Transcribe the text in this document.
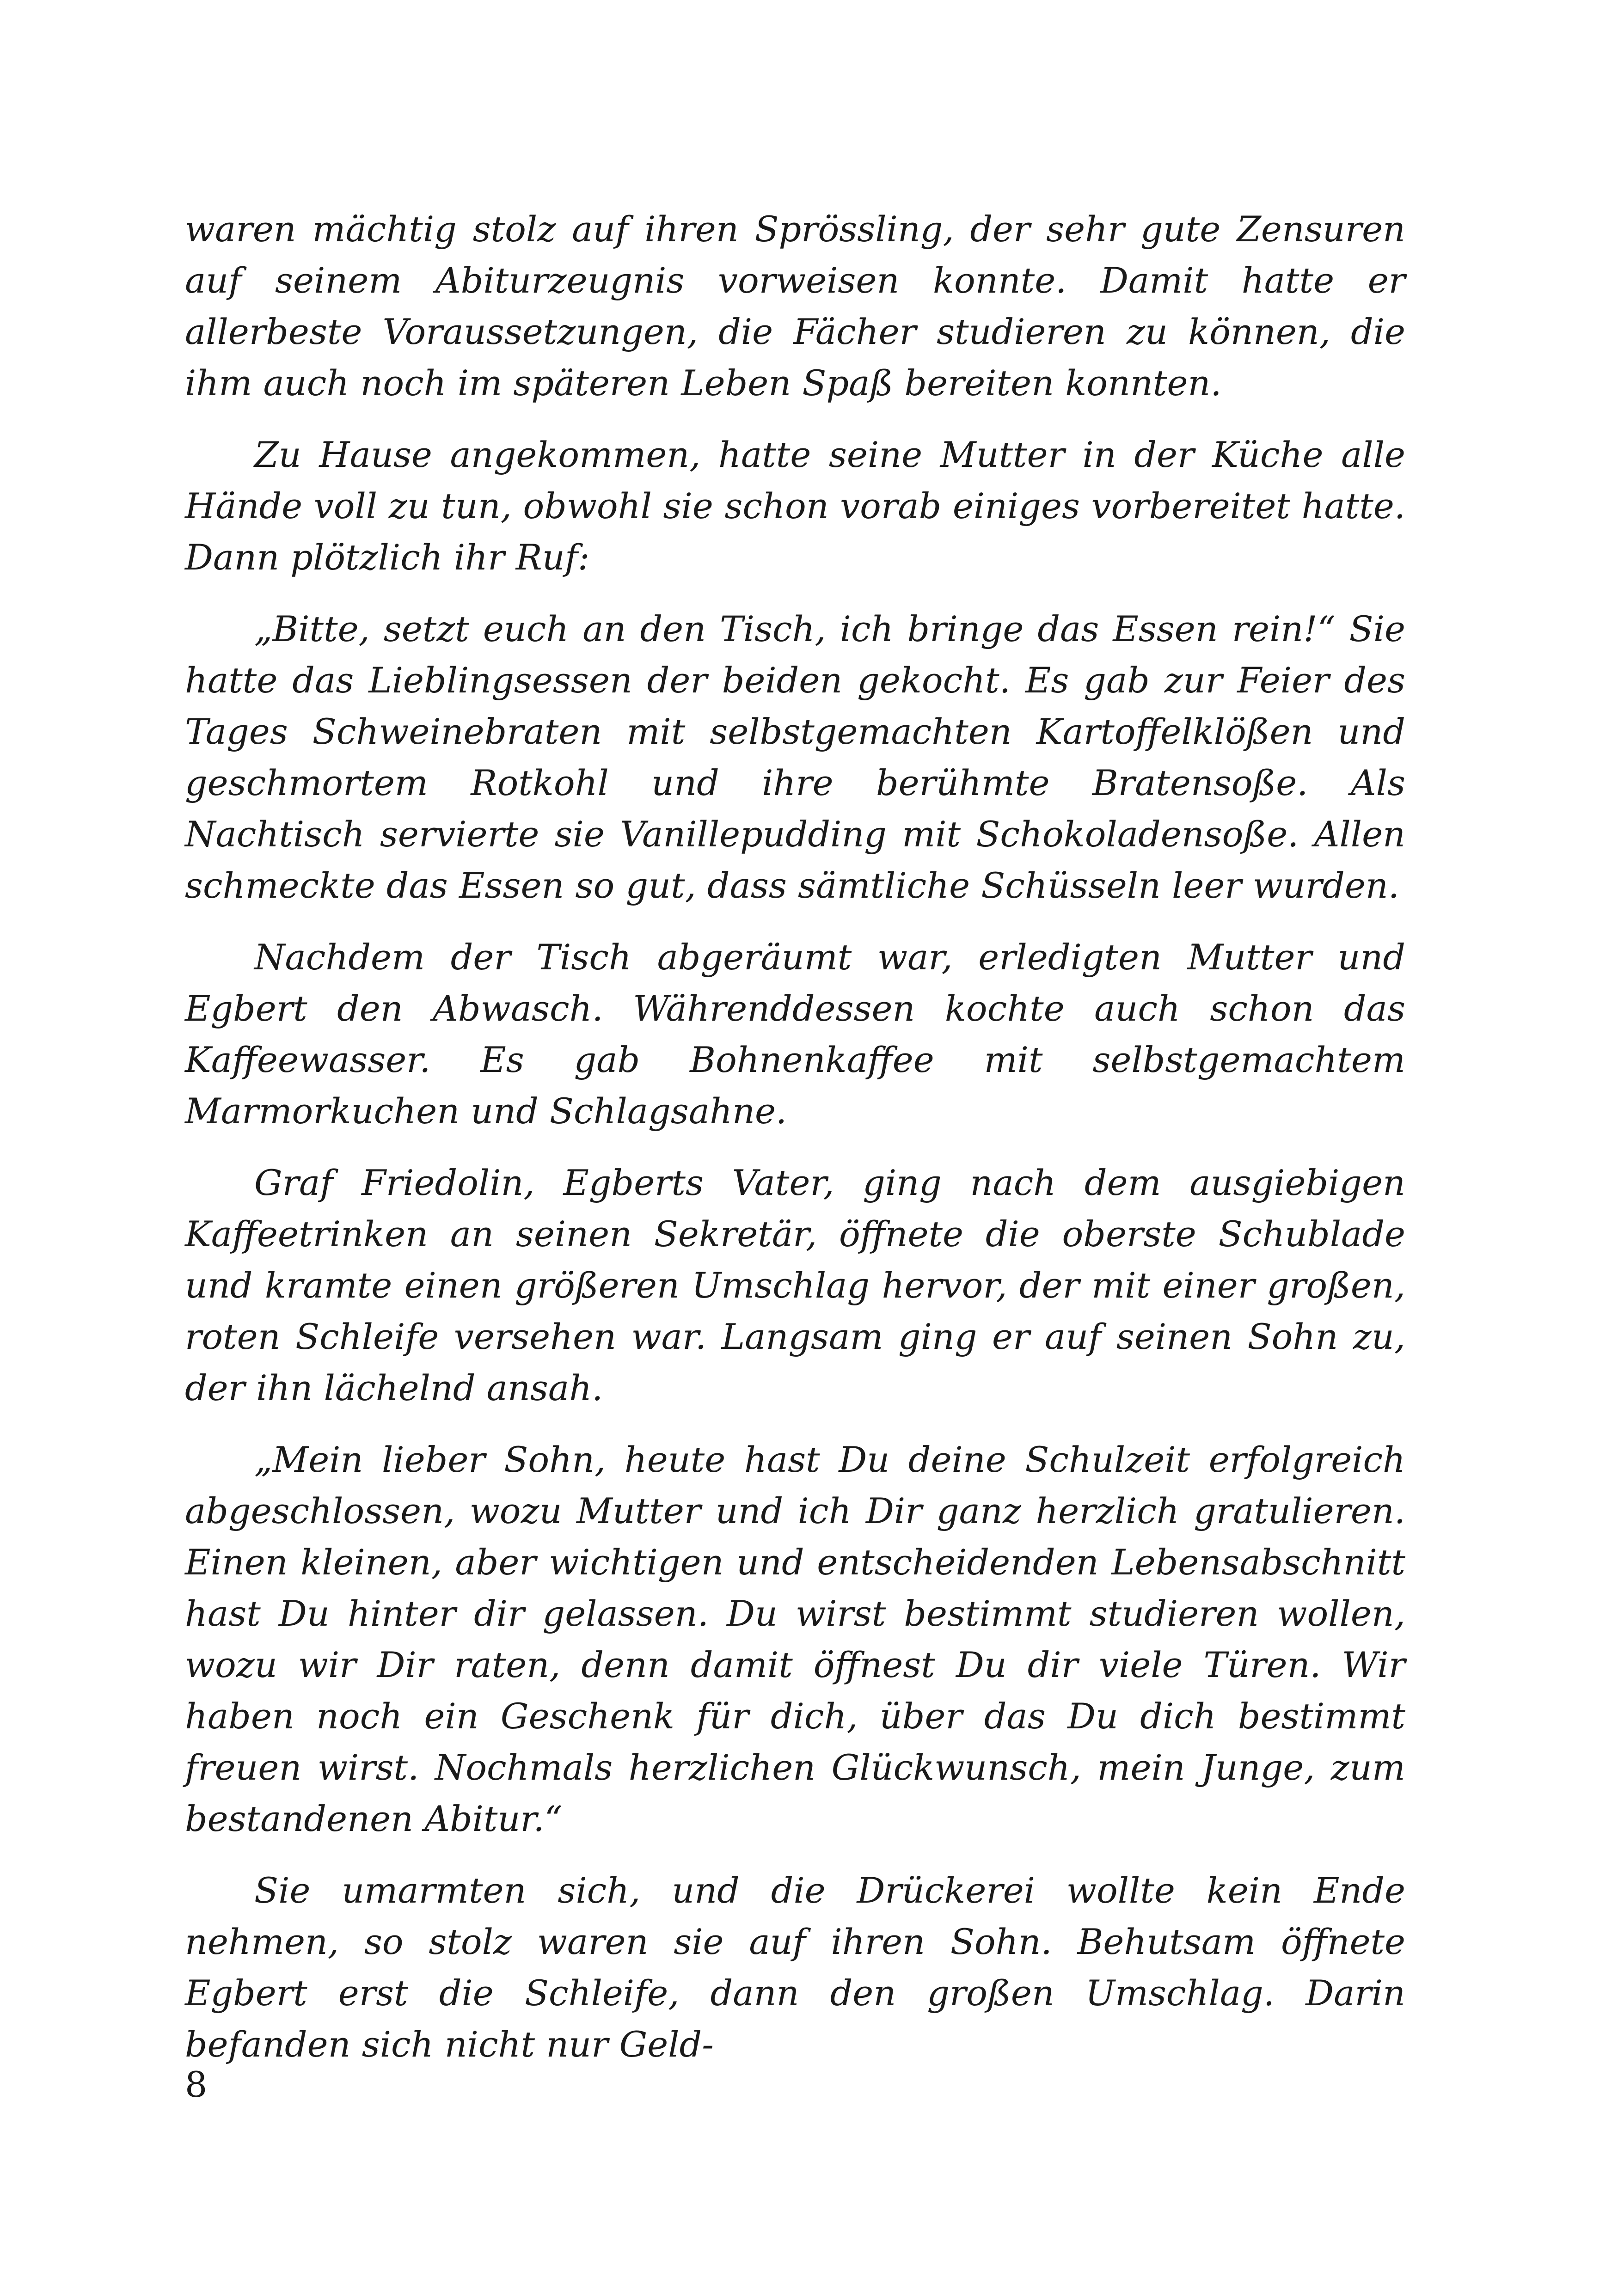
waren mächtig stolz auf ihren Sprössling, der sehr gute Zensuren auf seinem Abiturzeugnis vorweisen konnte. Damit hatte er allerbeste Voraussetzungen, die Fächer studieren zu können, die ihm auch noch im späteren Leben Spaß bereiten konnten.

Zu Hause angekommen, hatte seine Mutter in der Küche alle Hände voll zu tun, obwohl sie schon vorab einiges vorbereitet hatte. Dann plötzlich ihr Ruf:

„Bitte, setzt euch an den Tisch, ich bringe das Essen rein!“ Sie hatte das Lieblingsessen der beiden gekocht. Es gab zur Feier des Tages Schweinebraten mit selbstgemachten Kartoffelklößen und geschmortem Rotkohl und ihre berühmte Bratensoße. Als Nachtisch servierte sie Vanillepudding mit Schokoladensoße. Allen schmeckte das Essen so gut, dass sämtliche Schüsseln leer wurden.

Nachdem der Tisch abgeräumt war, erledigten Mutter und Egbert den Abwasch. Währenddessen kochte auch schon das Kaffeewasser. Es gab Bohnenkaffee mit selbstgemachtem Marmorkuchen und Schlagsahne.

Graf Friedolin, Egberts Vater, ging nach dem ausgiebigen Kaffeetrinken an seinen Sekretär, öffnete die oberste Schublade und kramte einen größeren Umschlag hervor, der mit einer großen, roten Schleife versehen war. Langsam ging er auf seinen Sohn zu, der ihn lächelnd ansah.

„Mein lieber Sohn, heute hast Du deine Schulzeit erfolgreich abgeschlossen, wozu Mutter und ich Dir ganz herzlich gratulieren. Einen kleinen, aber wichtigen und entscheidenden Lebensabschnitt hast Du hinter dir gelassen. Du wirst bestimmt studieren wollen, wozu wir Dir raten, denn damit öffnest Du dir viele Türen. Wir haben noch ein Geschenk für dich, über das Du dich bestimmt freuen wirst. Nochmals herzlichen Glückwunsch, mein Junge, zum bestandenen Abitur.“

Sie umarmten sich, und die Drückerei wollte kein Ende nehmen, so stolz waren sie auf ihren Sohn. Behutsam öffnete Egbert erst die Schleife, dann den großen Umschlag. Darin befanden sich nicht nur Geld-

8
